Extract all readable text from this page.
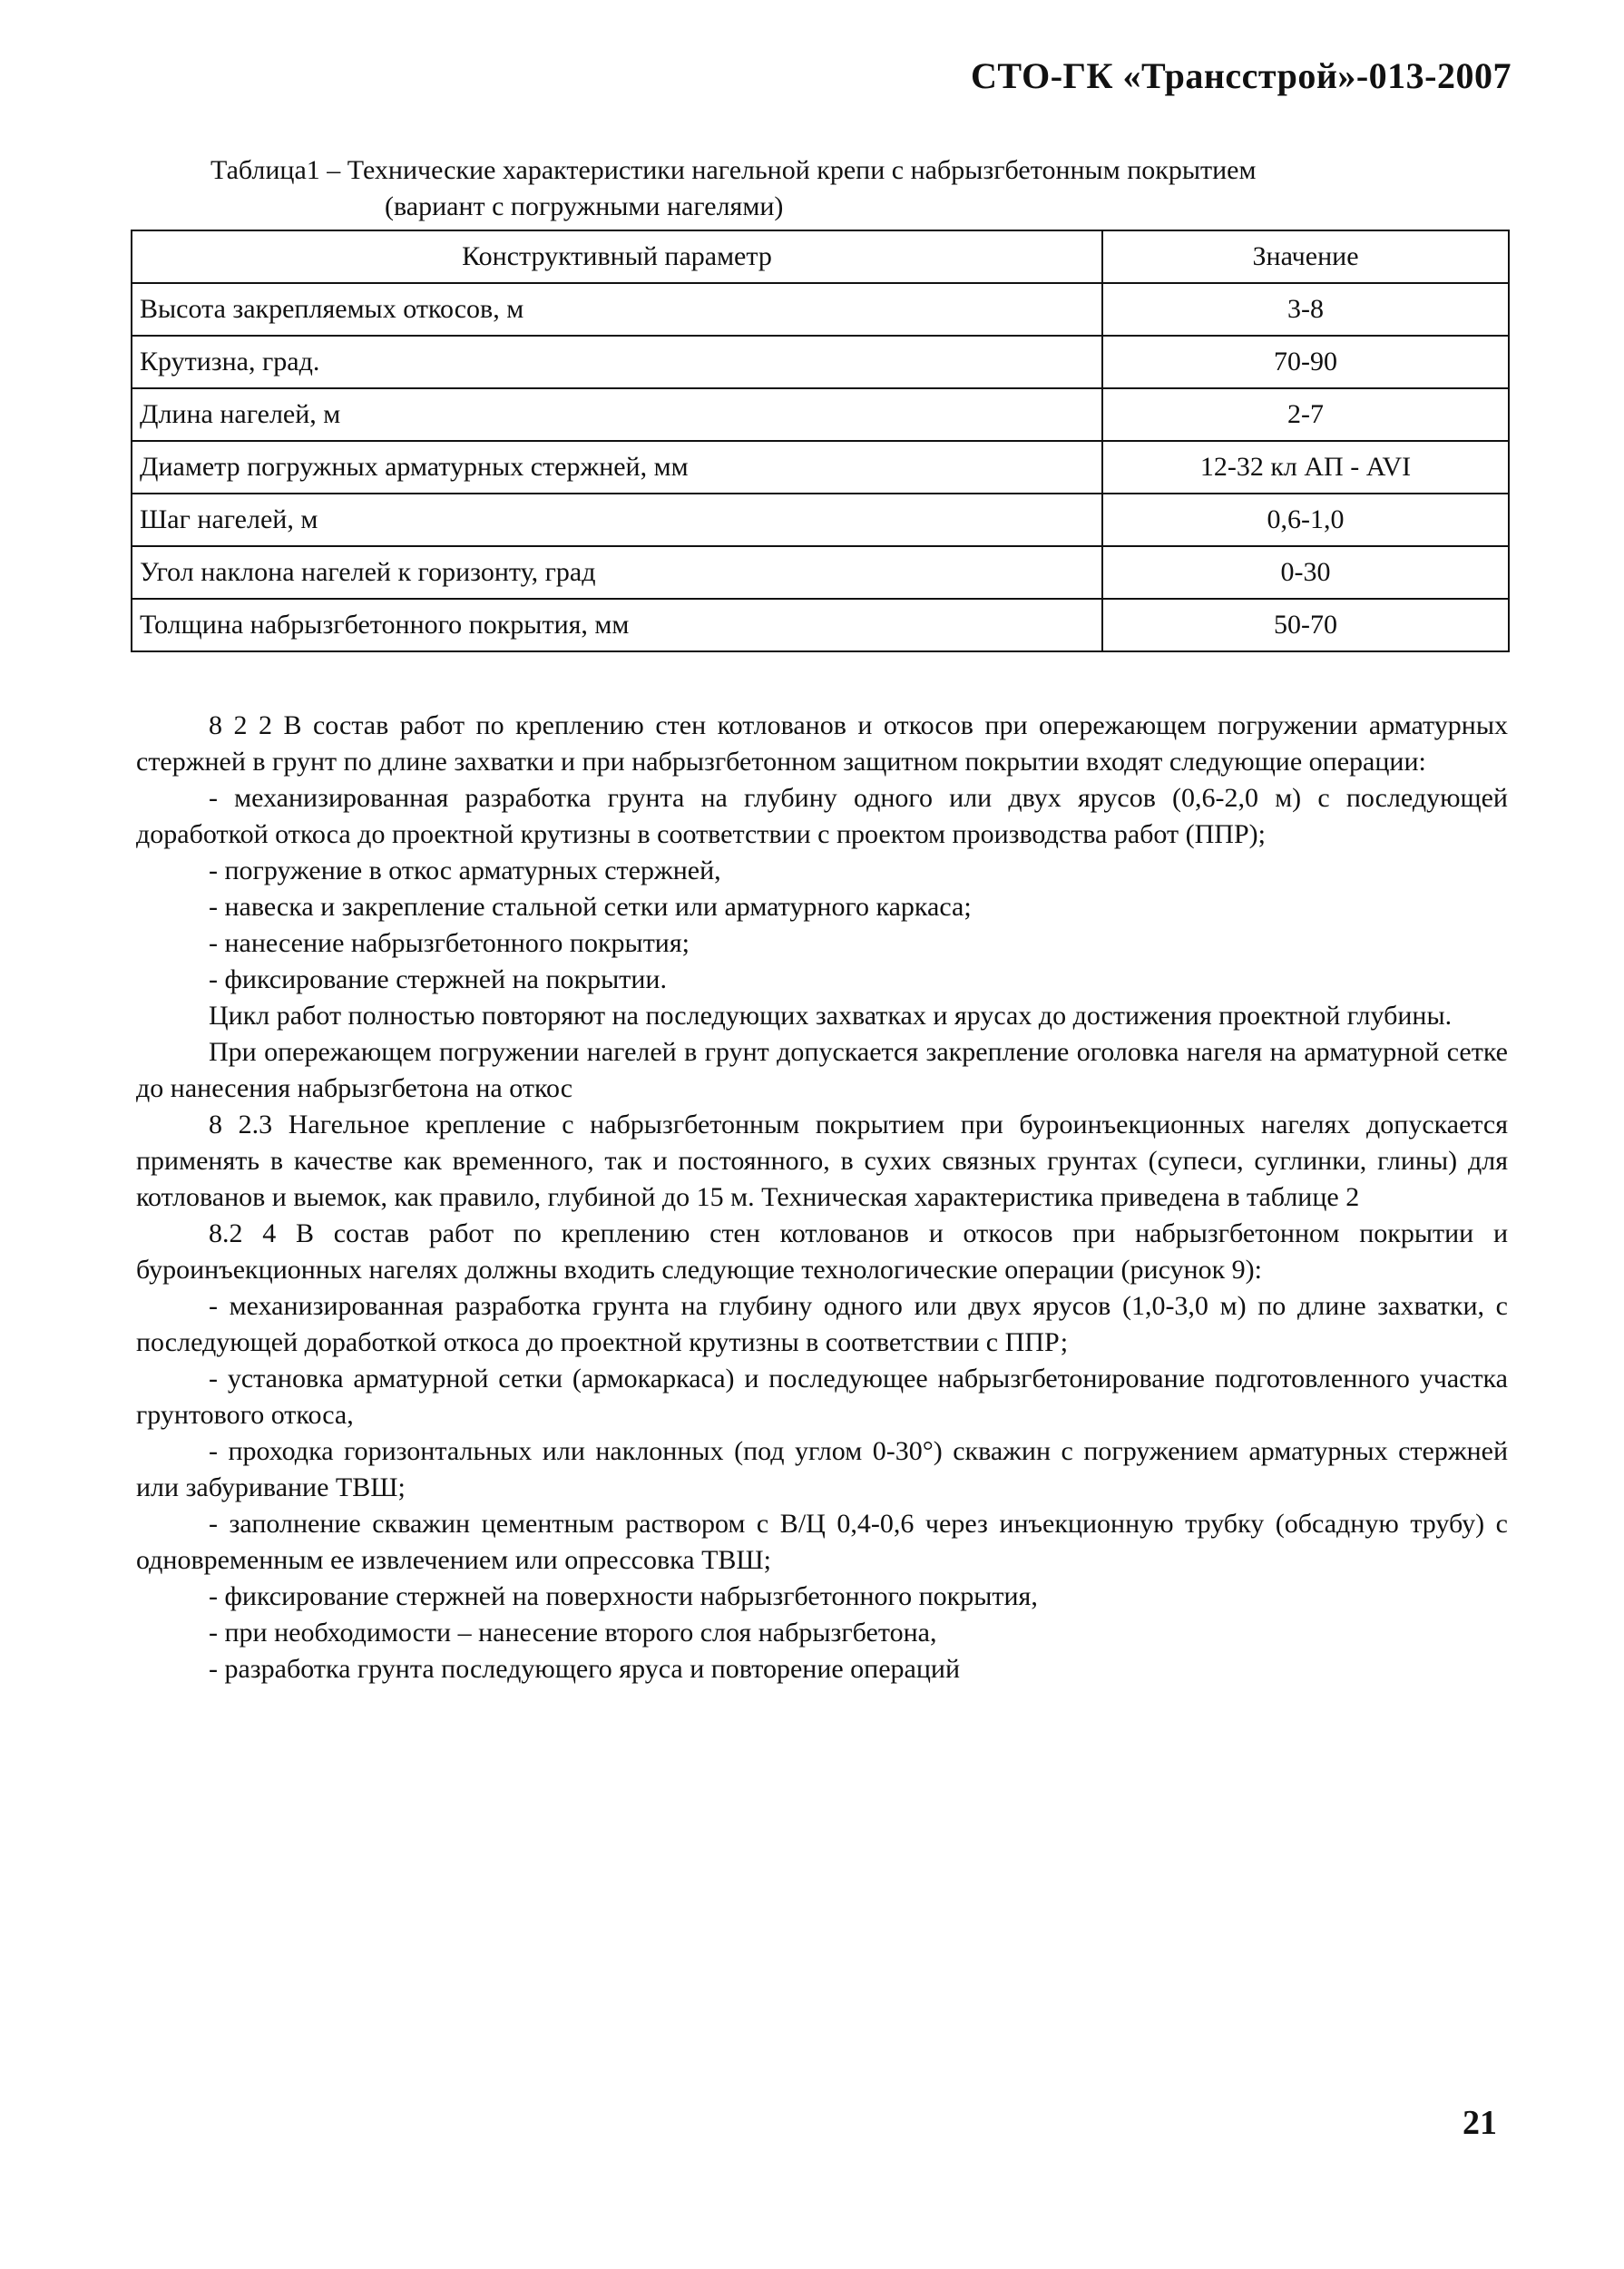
СТО-ГК «Трансстрой»-013-2007
Таблица1 – Технические характеристики нагельной крепи с набрызгбетонным покрытием
(вариант с погружными нагелями)
Конструктивный параметр	Значение
Высота закрепляемых откосов, м	3-8
Крутизна, град.	70-90
Длина нагелей, м	2-7
Диаметр погружных арматурных стержней, мм	12-32 кл АП - AVI
Шаг нагелей, м	0,6-1,0
Угол наклона нагелей к горизонту, град	0-30
Толщина набрызгбетонного покрытия, мм	50-70

8 2 2 В состав работ по креплению стен котлованов и откосов при опережающем погружении арматурных стержней в грунт по длине захватки и при набрызгбетонном защитном покрытии входят следующие операции:

- механизированная разработка грунта на глубину одного или двух ярусов (0,6-2,0 м) с последующей доработкой откоса до проектной крутизны в соответствии с проектом производства работ (ППР);

- погружение в откос арматурных стержней,

- навеска и закрепление стальной сетки или арматурного каркаса;

- нанесение набрызгбетонного покрытия;

- фиксирование стержней на покрытии.

Цикл работ полностью повторяют на последующих захватках и ярусах до достижения проектной глубины.

При опережающем погружении нагелей в грунт допускается закрепление оголовка нагеля на арматурной сетке до нанесения набрызгбетона на откос

8 2.3 Нагельное крепление с набрызгбетонным покрытием при буроинъекционных нагелях допускается применять в качестве как временного, так и постоянного, в сухих связных грунтах (супеси, суглинки, глины) для котлованов и выемок, как правило, глубиной до 15 м. Техническая характеристика приведена в таблице 2

8.2 4 В состав работ по креплению стен котлованов и откосов при набрызгбетонном покрытии и буроинъекционных нагелях должны входить следующие технологические операции (рисунок 9):

- механизированная разработка грунта на глубину одного или двух ярусов (1,0-3,0 м) по длине захватки, с последующей доработкой откоса до проектной крутизны в соответствии с ППР;

- установка арматурной сетки (армокаркаса) и последующее набрызгбетонирование подготовленного участка грунтового откоса,

- проходка горизонтальных или наклонных (под углом 0-30°) скважин с погружением арматурных стержней или забуривание ТВШ;

- заполнение скважин цементным раствором с В/Ц 0,4-0,6 через инъекционную трубку (обсадную трубу) с одновременным ее извлечением или опрессовка ТВШ;

- фиксирование стержней на поверхности набрызгбетонного покрытия,

- при необходимости – нанесение второго слоя набрызгбетона,

- разработка грунта последующего яруса и повторение операций

21
